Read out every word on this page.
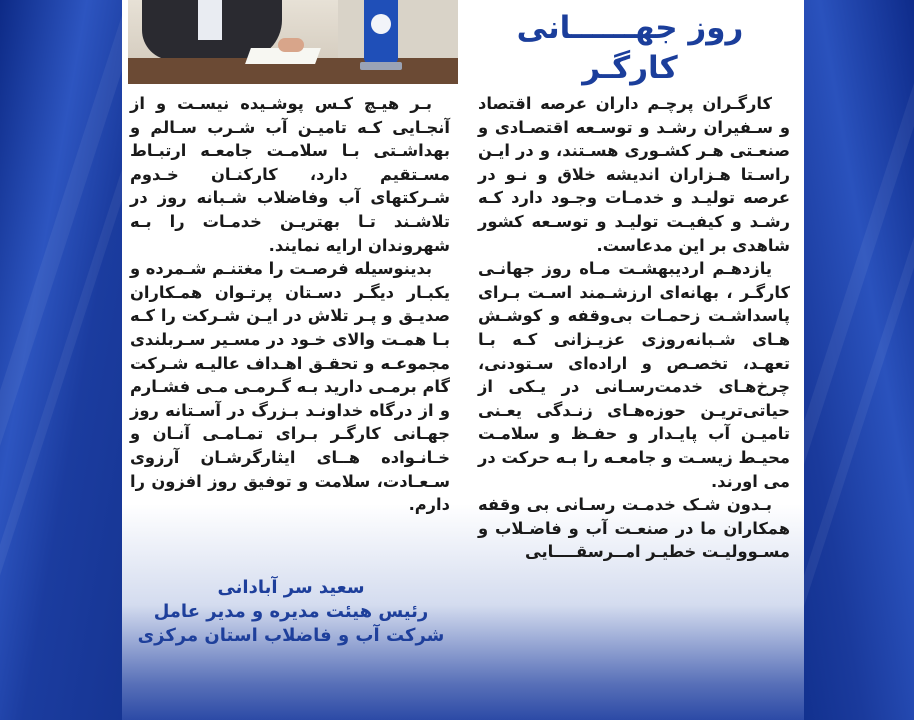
روز جهــــــانی کارگـر

کارگـران پرچـم داران عرصه اقتصاد و سـفیران رشـد و توسـعه اقتصـادی و صنعـتی هـر کشـوری هسـتند، و در ایـن راسـتا هـزاران اندیشه خلاق و نـو در عرصه تولیـد و خدمـات وجـود دارد کـه رشـد و کیفیـت تولیـد و توسـعه کشور شاهدی بر این مدعاست.

یازدهـم اردیبهشـت مـاه روز جهانـی کارگـر ، بهانه‌ای ارزشـمند اسـت بـرای پاسداشـت زحمـات بی‌وقفه و کوشـش هـای شـبانه‌روزی عزیـزانی کـه بـا تعهـد، تخصـص و اراده‌ای سـتودنی، چرخ‌هـای خدمت‌رسـانی در یـکی از حیاتی‌تریـن حوزه‌هـای زنـدگی یعـنی تامیـن آب پایـدار و حفـظ و سلامـت محیـط زیسـت و جامعـه را بـه حرکت در می اورند.

بـدون شـک خدمـت رسـانی بی وقفه همکاران ما در صنعـت آب و فاضـلاب و مسـوولیـت خطیـر امــرسقــــایی

بـر هیـچ کـس پوشـیده نیسـت و از آنجـایی کـه تامیـن آب شـرب سـالم و بهداشـتی بـا سلامـت جامعـه ارتبـاط مسـتقیم دارد، کارکنـان خـدوم شـرکتهای آب وفاضلاب شـبانه روز در تلاشـند تـا بهتریـن خدمـات را بـه شهروندان ارایه نمایند.

بدینوسیله فرصـت را مغتنـم شـمرده و یکبـار دیگـر دسـتان پرتـوان همـکاران صدیـق و پـر تلاش در ایـن شـرکت را کـه بـا همـت والای خـود در مسـیر سـربلندی مجموعـه و تحقـق اهـداف عالیـه شـرکت گام برمـی دارید بـه گـرمـی مـی فشـارم و از درگاه خداونـد بـزرگ در آسـتانه روز جهـانی کارگـر بـرای تمـامـی آنـان و خـانـواده هــای ایثارگرشـان آرزوی سـعـادت، سلامت و توفیق روز افزون را دارم.

سعید سر آبادانی
رئیس هیئت مدیره و مدیر عامل
شرکت آب و فاضلاب استان مرکزی
